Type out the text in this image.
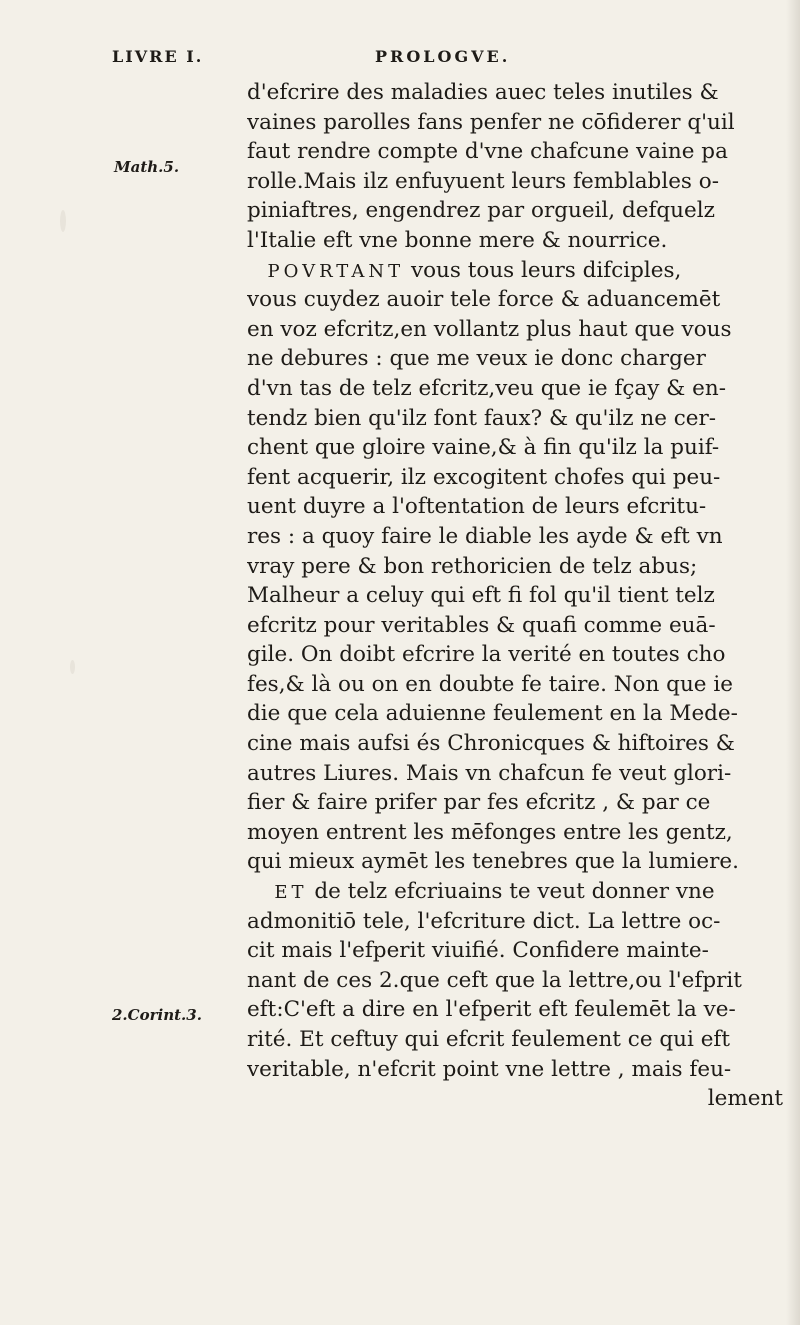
LIVRE I.	PROLOGVE.
Math.5.
2.Corint.3.
d'efcrire des maladies auec teles inutiles &
vaines parolles fans penfer ne cōfiderer q'uil
faut rendre compte d'vne chafcune vaine pa
rolle.Mais ilz enfuyuent leurs femblables o-
piniaftres, engendrez par orgueil, defquelz
l'Italie eft vne bonne mere & nourrice.
POVRTANT vous tous leurs difciples,
vous cuydez auoir tele force & aduancemēt
en voz efcritz,en vollantz plus haut que vous
ne debures : que me veux ie donc charger
d'vn tas de telz efcritz,veu que ie fçay & en-
tendz bien qu'ilz font faux? & qu'ilz ne cer-
chent que gloire vaine,& à fin qu'ilz la puif-
fent acquerir, ilz excogitent chofes qui peu-
uent duyre a l'oftentation de leurs efcritu-
res : a quoy faire le diable les ayde & eft vn
vray pere & bon rethoricien de telz abus;
Malheur a celuy qui eft fi fol qu'il tient telz
efcritz pour veritables & quafi comme euā-
gile. On doibt efcrire la verité en toutes cho
fes,& là ou on en doubte fe taire. Non que ie
die que cela aduienne feulement en la Mede-
cine mais aufsi és Chronicques & hiftoires &
autres Liures. Mais vn chafcun fe veut glori-
fier & faire prifer par fes efcritz , & par ce
moyen entrent les mēfonges entre les gentz,
qui mieux aymēt les tenebres que la lumiere.
ET de telz efcriuains te veut donner vne
admonitiō tele, l'efcriture dict. La lettre oc-
cit mais l'efperit viuifié. Confidere mainte-
nant de ces 2.que ceft que la lettre,ou l'efprit
eft:C'eft a dire en l'efperit eft feulemēt la ve-
rité. Et ceftuy qui efcrit feulement ce qui eft
veritable, n'efcrit point vne lettre , mais feu-
lement
